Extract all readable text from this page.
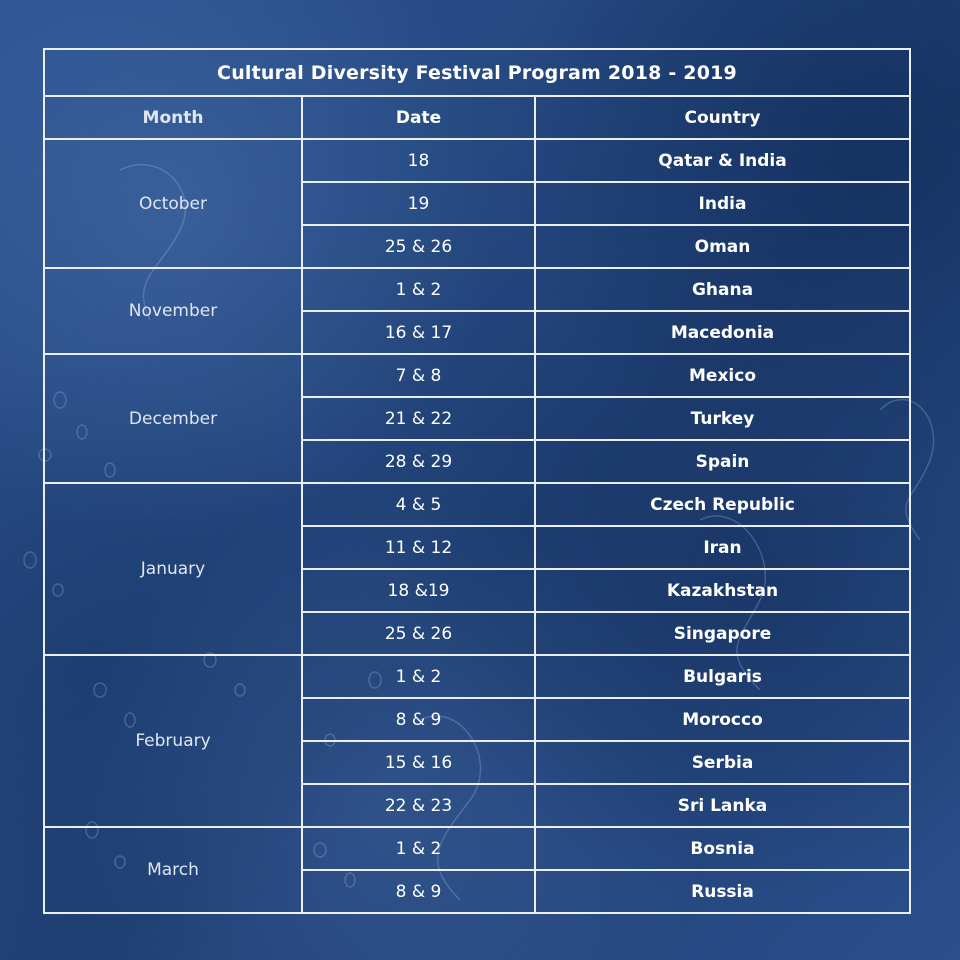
Cultural Diversity Festival Program 2018 - 2019
Month	Date	Country
October
18	Qatar & India
19	India
25 & 26	Oman
November
1 & 2	Ghana
16 & 17	Macedonia
December
7 & 8	Mexico
21 & 22	Turkey
28 & 29	Spain
January
4 & 5	Czech Republic
11 & 12	Iran
18 &19	Kazakhstan
25 & 26	Singapore
February
1 & 2	Bulgaris
8 & 9	Morocco
15 & 16	Serbia
22 & 23	Sri Lanka
March
1 & 2	Bosnia
8 & 9	Russia
